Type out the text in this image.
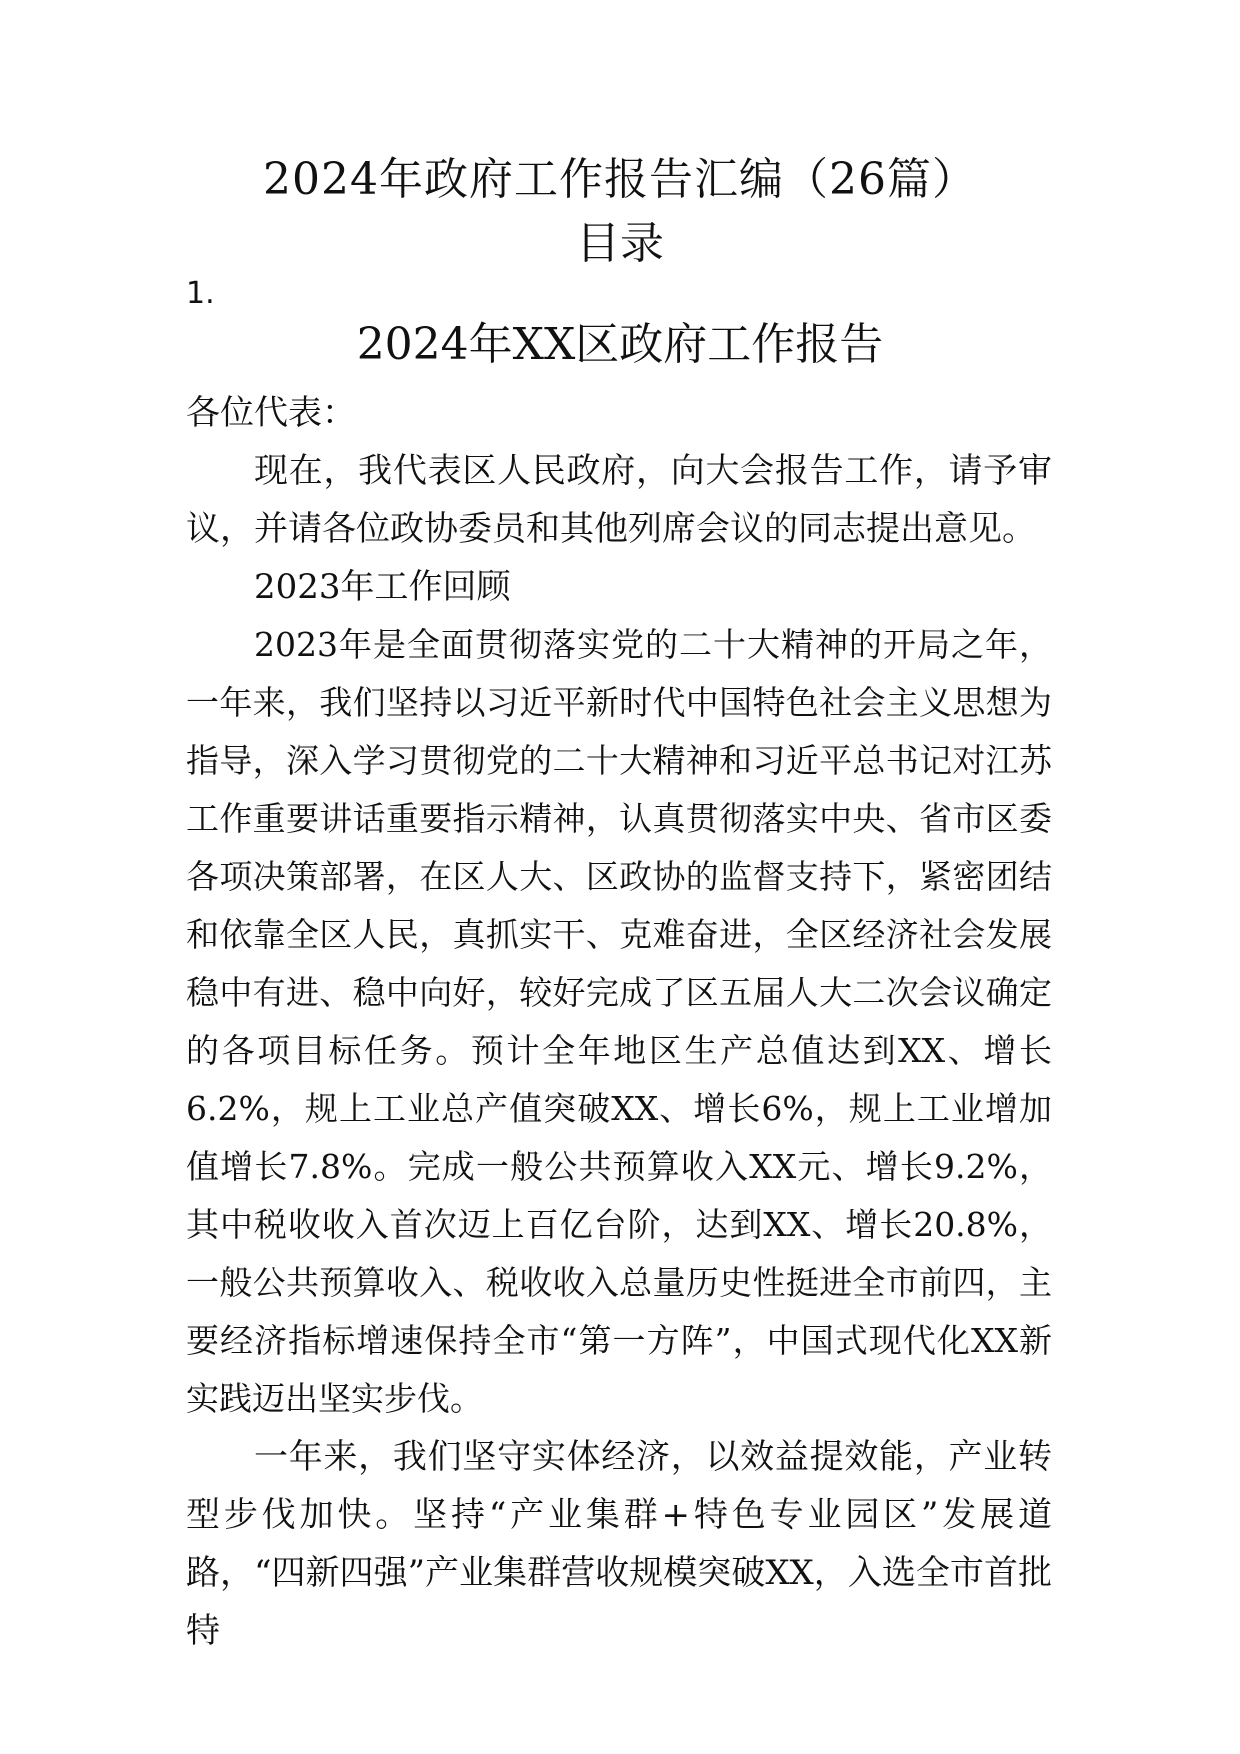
2024年政府工作报告汇编（26篇）
目录
1.
2024年XX区政府工作报告

各位代表：

现在，我代表区人民政府，向大会报告工作，请予审议，并请各位政协委员和其他列席会议的同志提出意见。

2023年工作回顾

2023年是全面贯彻落实党的二十大精神的开局之年，一年来，我们坚持以习近平新时代中国特色社会主义思想为指导，深入学习贯彻党的二十大精神和习近平总书记对江苏工作重要讲话重要指示精神，认真贯彻落实中央、省市区委各项决策部署，在区人大、区政协的监督支持下，紧密团结和依靠全区人民，真抓实干、克难奋进，全区经济社会发展稳中有进、稳中向好，较好完成了区五届人大二次会议确定的各项目标任务。预计全年地区生产总值达到XX、增长6.2%，规上工业总产值突破XX、增长6%，规上工业增加值增长7.8%。完成一般公共预算收入XX元、增长9.2%，其中税收收入首次迈上百亿台阶，达到XX、增长20.8%，一般公共预算收入、税收收入总量历史性挺进全市前四，主要经济指标增速保持全市“第一方阵”，中国式现代化XX新实践迈出坚实步伐。

一年来，我们坚守实体经济，以效益提效能，产业转型步伐加快。坚持“产业集群+特色专业园区”发展道路，“四新四强”产业集群营收规模突破XX，入选全市首批特
